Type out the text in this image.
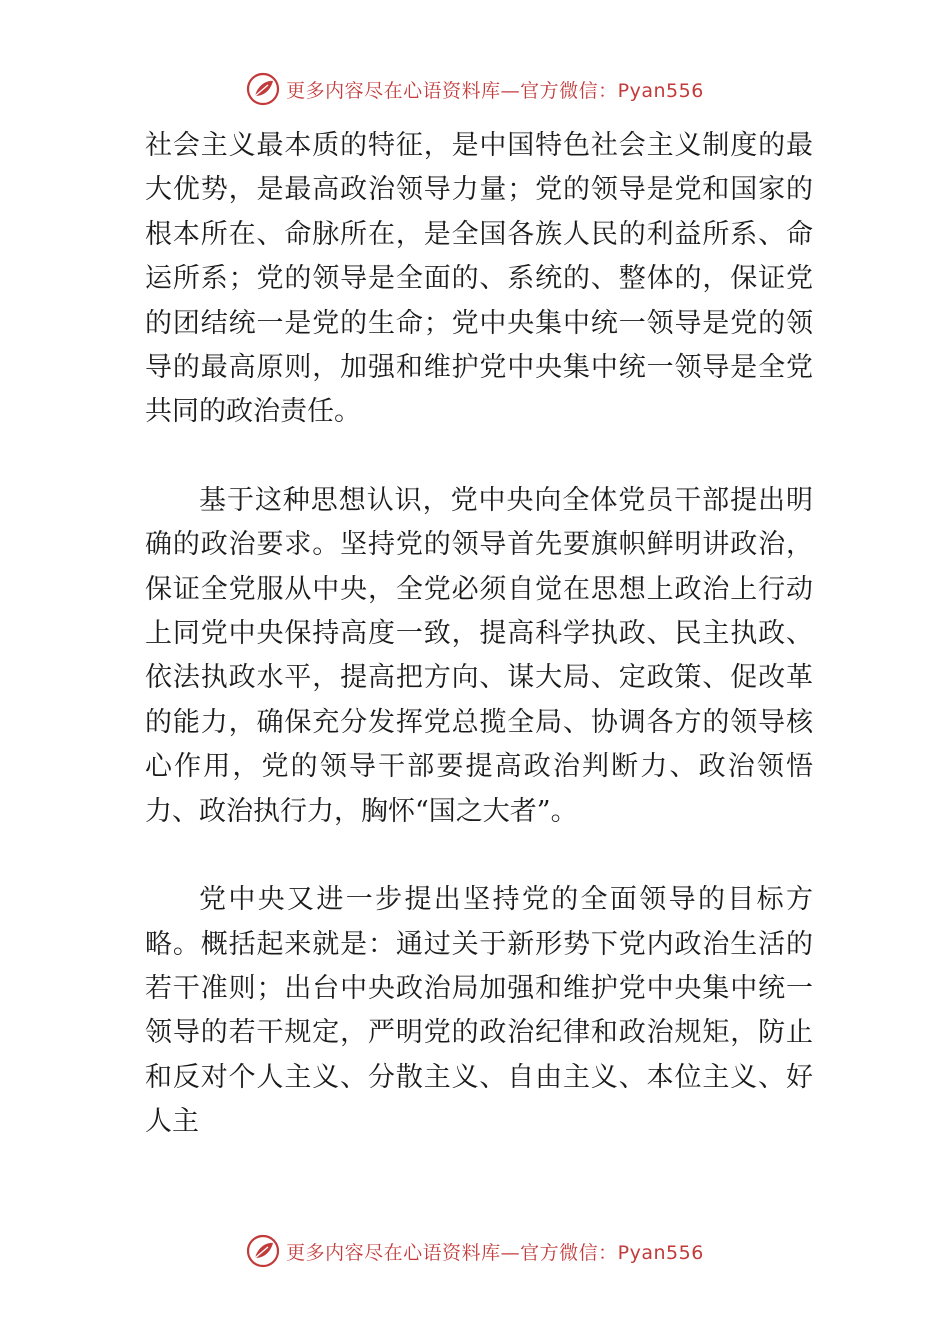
更多内容尽在心语资料库—官方微信：Pyan556

社会主义最本质的特征，是中国特色社会主义制度的最大优势，是最高政治领导力量；党的领导是党和国家的根本所在、命脉所在，是全国各族人民的利益所系、命运所系；党的领导是全面的、系统的、整体的，保证党的团结统一是党的生命；党中央集中统一领导是党的领导的最高原则，加强和维护党中央集中统一领导是全党共同的政治责任。

基于这种思想认识，党中央向全体党员干部提出明确的政治要求。坚持党的领导首先要旗帜鲜明讲政治，保证全党服从中央，全党必须自觉在思想上政治上行动上同党中央保持高度一致，提高科学执政、民主执政、依法执政水平，提高把方向、谋大局、定政策、促改革的能力，确保充分发挥党总揽全局、协调各方的领导核心作用，党的领导干部要提高政治判断力、政治领悟力、政治执行力，胸怀“国之大者”。

党中央又进一步提出坚持党的全面领导的目标方略。概括起来就是：通过关于新形势下党内政治生活的若干准则；出台中央政治局加强和维护党中央集中统一领导的若干规定，严明党的政治纪律和政治规矩，防止和反对个人主义、分散主义、自由主义、本位主义、好人主

更多内容尽在心语资料库—官方微信：Pyan556
